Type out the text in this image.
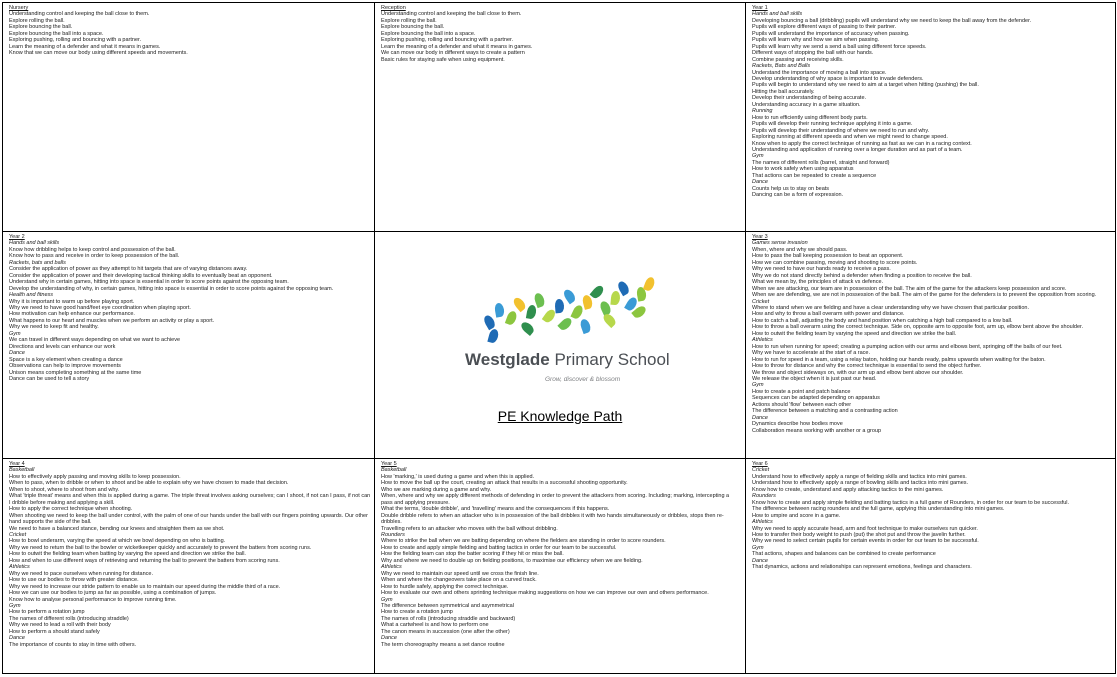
Nursery
Understanding control and keeping the ball close to them.
Explore rolling the ball.
Explore bouncing the ball.
Explore bouncing the ball into a space.
Exploring pushing, rolling and bouncing with a partner.
Learn the meaning of a defender and what it means in games.
Know that we can move our body using different speeds and movements.
Reception
Understanding control and keeping the ball close to them.
Explore rolling the ball.
Explore bouncing the ball.
Explore bouncing the ball into a space.
Exploring pushing, rolling and bouncing with a partner.
Learn the meaning of a defender and what it means in games.
We can move our body in different ways to create a pattern
Basic rules for staying safe when using equipment.
Year 1
Hands and ball skills
Developing bouncing a ball (dribbling) pupils will understand why we need to keep the ball away from the defender.
Pupils will explore different ways of passing to their partner.
Pupils will understand the importance of accuracy when passing.
Pupils will learn why and how we aim when passing.
Pupils will learn why we send a send a ball using different force speeds.
Different ways of stopping the ball with our hands.
Combine passing and receiving skills.
Rackets, Bats and Balls
Understand the importance of moving a ball into space.
Develop understanding of why space is important to invade defenders.
Pupils will begin to understand why we need to aim at a target when hitting (pushing) the ball.
Hitting the ball accurately.
Develop their understanding of being accurate.
Understanding accuracy in a game situation.
Running
How to run efficiently using different body parts.
Pupils will develop their running technique applying it into a game.
Pupils will develop their understanding of where we need to run and why.
Exploring running at different speeds and when we might need to change speed.
Know when to apply the correct technique of running as fast as we can in a racing context.
Understanding and application of running over a longer duration and as part of a team.
Gym
The names of different rolls (barrel, straight and forward)
How to work safely when using apparatus
That actions can be repeated to create a sequence
Dance
Counts help us to stay on beats
Dancing can be a form of expression.
Year 2
Hands and ball skills
Know how dribbling helps to keep control and possession of the ball.
Know how to pass and receive in order to keep possession of the ball.
Rackets, bats and balls
Consider the application of power as they attempt to hit targets that are of varying distances away.
Consider the application of power and their developing tactical thinking skills to eventually beat an opponent.
Understand why in certain games, hitting into space is essential in order to score points against the opposing team.
Develop the understanding of why, in certain games, hitting into space is essential in order to score points against the opposing team.
Health and fitness
Why it is important to warm up before playing sport.
Why we need to have good hand/feet eye coordination when playing sport.
How motivation can help enhance our performance.
What happens to our heart and muscles when we perform an activity or play a sport.
Why we need to keep fit and healthy.
Gym
We can travel in different ways depending on what we want to achieve
Directions and levels can enhance our work
Dance
Space is a key element when creating a dance
Observations can help to improve movements
Unison means completing something at the same time
Dance can be used to tell a story
Westglade Primary School
Grow, discover & blossom
PE Knowledge Path
Year 3
Games sense invasion
When, where and why we should pass.
How to pass the ball keeping possession to beat an opponent.
How we can combine passing, moving and shooting to score points.
Why we need to have our hands ready to receive a pass.
Why we do not stand directly behind a defender when finding a position to receive the ball.
What we mean by, the principles of attack vs defence.
When we are attacking, our team are in possession of the ball. The aim of the game for the attackers keep possession and score.
When we are defending, we are not in possession of the ball. The aim of the game for the defenders is to prevent the opposition from scoring.
Cricket
Where to stand when we are fielding and have a clear understanding why we have chosen that particular position.
How and why to throw a ball overarm with power and distance.
How to catch a ball, adjusting the body and hand position when catching a high ball compared to a low ball.
How to throw a ball overarm using the correct technique. Side on, opposite arm to opposite foot, arm up, elbow bent above the shoulder.
How to outwit the fielding team by varying the speed and direction we strike the ball.
Athletics
How to run when running for speed; creating a pumping action with our arms and elbows bent, springing off the balls of our feet.
Why we have to accelerate at the start of a race.
How to run for speed in a team, using a relay baton, holding our hands ready, palms upwards when waiting for the baton.
How to throw for distance and why the correct technique is essential to send the object further.
We throw and object sideways on, with our arm up and elbow bent above our shoulder.
We release the object when it is just past our head.
Gym
How to create a point and patch balance
Sequences can be adapted depending on apparatus
Actions should 'flow' between each other
The difference between a matching and a contrasting action
Dance
Dynamics describe how bodies move
Collaboration means working with another or a group
Year 4
Basketball
How to effectively apply passing and moving skills to keep possession.
When to pass, when to dribble or when to shoot and be able to explain why we have chosen to made that decision.
When to shoot, where to shoot from and why.
What 'triple threat' means and when this is applied during a game. The triple threat involves asking ourselves; can I shoot, if not can I pass, if not can I dribble before making and applying a skill.
How to apply the correct technique when shooting.
When shooting we need to keep the ball under control, with the palm of one of our hands under the ball with our fingers pointing upwards. Our other hand supports the side of the ball.
We need to have a balanced stance, bending our knees and straighten them as we shot.
Cricket
How to bowl underarm, varying the speed at which we bowl depending on who is batting.
Why we need to return the ball to the bowler or wicketkeeper quickly and accurately to prevent the batters from scoring runs.
How to outwit the fielding team when batting by varying the speed and direction we strike the ball.
How and when to use different ways of retrieving and returning the ball to prevent the batters from scoring runs.
Athletics
Why we need to pace ourselves when running for distance.
How to use our bodies to throw with greater distance.
Why we need to increase our stride pattern to enable us to maintain our speed during the middle third of a race.
How we can use our bodies to jump as far as possible, using a combination of jumps.
Know how to analyse personal performance to improve running time.
Gym
How to perform a rotation jump
The names of different rolls (introducing straddle)
Why we need to lead a roll with their body
How to perform a should stand safely
Dance
The importance of counts to stay in time with others.
Year 5
Basketball
How 'marking,' is used during a game and when this is applied.
How to move the ball up the court, creating an attack that results in a successful shooting opportunity.
Who we are marking during a game and why.
When, where and why we apply different methods of defending in order to prevent the attackers from scoring. Including; marking, intercepting a pass and applying pressure.
What the terms, 'double dribble', and 'travelling' means and the consequences if this happens.
Double dribble refers to when an attacker who is in possession of the ball dribbles it with two hands simultaneously or dribbles, stops then re-dribbles.
Travelling refers to an attacker who moves with the ball without dribbling.
Rounders
Where to strike the ball when we are batting depending on where the fielders are standing in order to score rounders.
How to create and apply simple fielding and batting tactics in order for our team to be successful.
How the fielding team can stop the batter scoring if they hit or miss the ball.
Why and where we need to double up on fielding positions, to maximise our efficiency when we are fielding.
Athletics
Why we need to maintain our speed until we cross the finish line.
When and where the changeovers take place on a curved track.
How to hurdle safely, applying the correct technique.
How to evaluate our own and others sprinting technique making suggestions on how we can improve our own and others performance.
Gym
The difference between symmetrical and asymmetrical
How to create a rotation jump
The names of rolls (introducing straddle and backward)
What a cartwheel is and how to perform one
The canon means in succession (one after the other)
Dance
The term choreography means a set dance routine
Year 6
Cricket
Understand how to effectively apply a range of fielding skills and tactics into mini games.
Understand how to effectively apply a range of bowling skills and tactics into mini games.
Know how to create, understand and apply attacking tactics to the mini games.
Rounders
Know how to create and apply simple fielding and batting tactics in a full game of Rounders, in order for our team to be successful.
The difference between racing rounders and the full game, applying this understanding into mini games.
How to umpire and score in a game.
Athletics
Why we need to apply accurate head, arm and foot technique to make ourselves run quicker.
How to transfer their body weight to push (put) the shot put and throw the javelin further.
Why we need to select certain pupils for certain events in order for our team to be successful.
Gym
That actions, shapes and balances can be combined to create performance
Dance
That dynamics, actions and relationships can represent emotions, feelings and characters.
